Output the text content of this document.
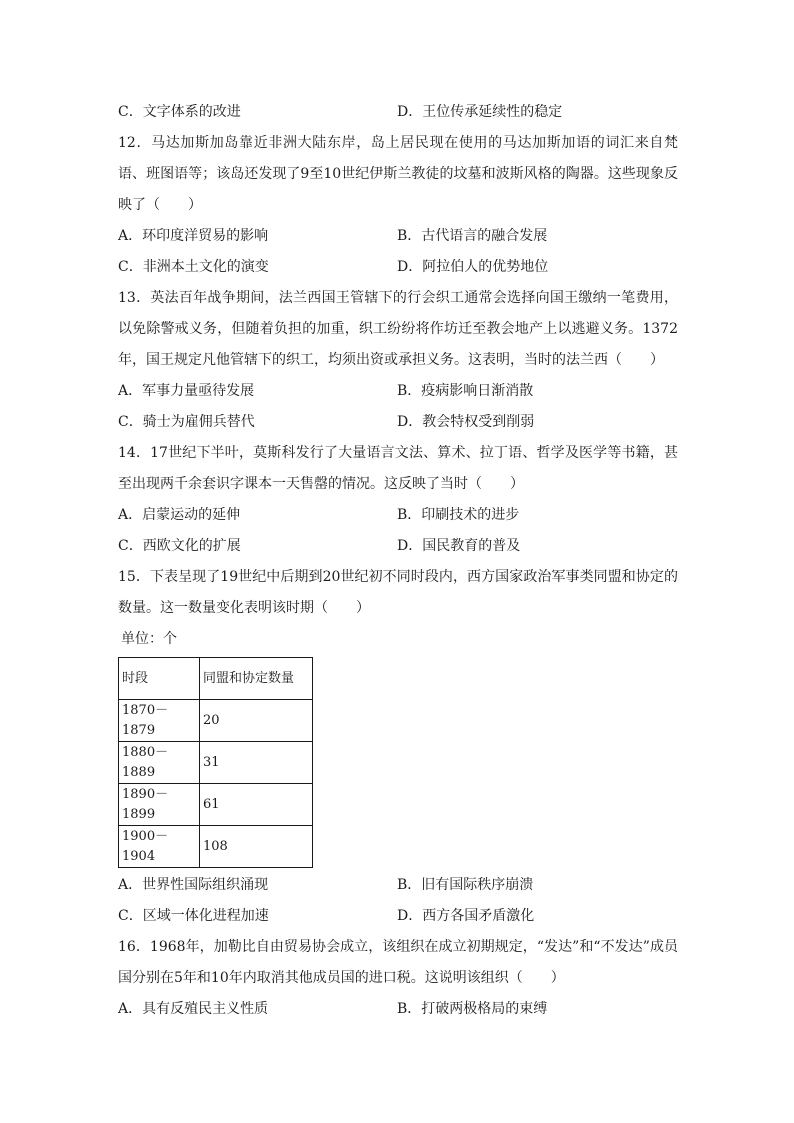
C．文字体系的改进	D．王位传承延续性的稳定
12．马达加斯加岛靠近非洲大陆东岸，岛上居民现在使用的马达加斯加语的词汇来自梵语、班图语等；该岛还发现了9至10世纪伊斯兰教徒的坟墓和波斯风格的陶器。这些现象反映了（　　）
A．环印度洋贸易的影响	B．古代语言的融合发展
C．非洲本土文化的演变	D．阿拉伯人的优势地位
13．英法百年战争期间，法兰西国王管辖下的行会织工通常会选择向国王缴纳一笔费用，以免除警戒义务，但随着负担的加重，织工纷纷将作坊迁至教会地产上以逃避义务。1372年，国王规定凡他管辖下的织工，均须出资或承担义务。这表明，当时的法兰西（　　）
A．军事力量亟待发展	B．疫病影响日渐消散
C．骑士为雇佣兵替代	D．教会特权受到削弱
14．17世纪下半叶，莫斯科发行了大量语言文法、算术、拉丁语、哲学及医学等书籍，甚至出现两千余套识字课本一天售罄的情况。这反映了当时（　　）
A．启蒙运动的延伸	B．印刷技术的进步
C．西欧文化的扩展	D．国民教育的普及
15．下表呈现了19世纪中后期到20世纪初不同时段内，西方国家政治军事类同盟和协定的数量。这一数量变化表明该时期（　　）
单位：个
时段	同盟和协定数量
1870－1879	20
1880－1889	31
1890－1899	61
1900－1904	108
A．世界性国际组织涌现	B．旧有国际秩序崩溃
C．区域一体化进程加速	D．西方各国矛盾激化
16．1968年，加勒比自由贸易协会成立，该组织在成立初期规定，“发达”和“不发达”成员国分别在5年和10年内取消其他成员国的进口税。这说明该组织（　　）
A．具有反殖民主义性质	B．打破两极格局的束缚
